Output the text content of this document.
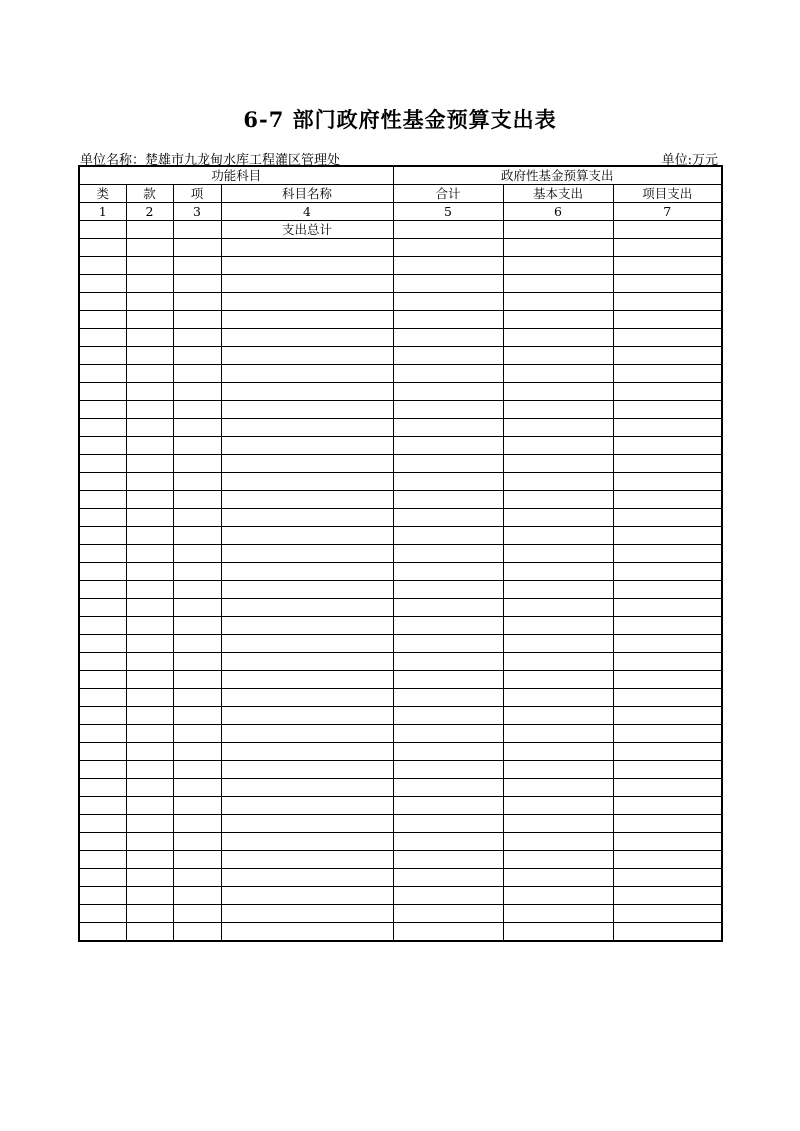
6-7 部门政府性基金预算支出表
单位名称：楚雄市九龙甸水库工程灌区管理处	单位:万元
功能科目				政府性基金预算支出		
类	款	项	科目名称	合计	基本支出	项目支出
1	2	3	4	5	6	7
			支出总计			
